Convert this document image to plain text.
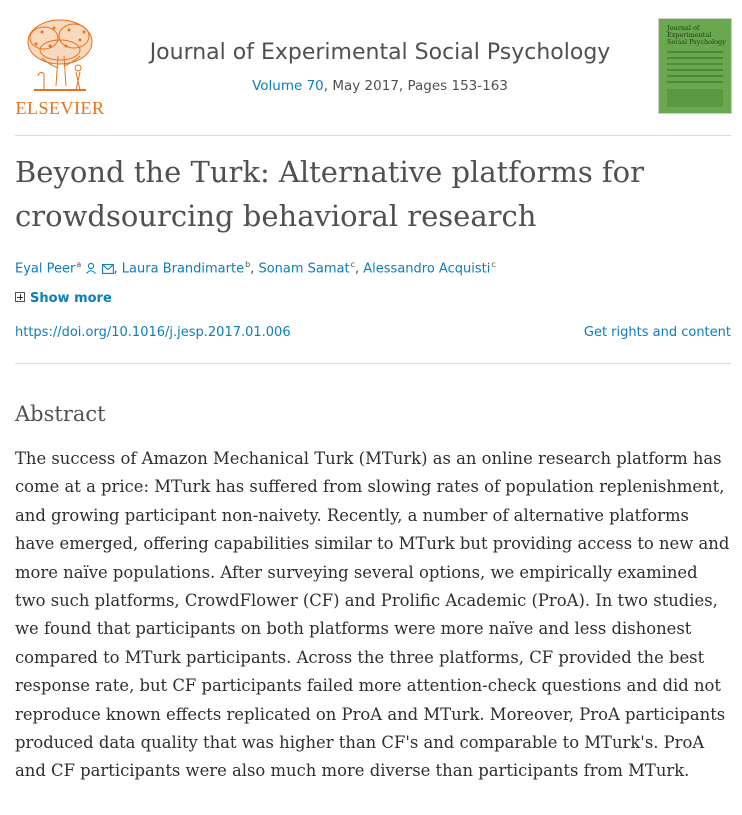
ELSEVIER
Journal of Experimental Social Psychology
Volume 70, May 2017, Pages 153-163
Journal of Experimental Social Psychology
Beyond the Turk: Alternative platforms for crowdsourcing behavioral research
Eyal Peer$^a$ , Laura Brandimarte$^b$, Sonam Samat$^c$, Alessandro Acquisti$^c$
Show more
https://doi.org/10.1016/j.jesp.2017.01.006	Get rights and content
Abstract

The success of Amazon Mechanical Turk (MTurk) as an online research platform has come at a price: MTurk has suffered from slowing rates of population replenishment, and growing participant non-naivety. Recently, a number of alternative platforms have emerged, offering capabilities similar to MTurk but providing access to new and more naïve populations. After surveying several options, we empirically examined two such platforms, CrowdFlower (CF) and Prolific Academic (ProA). In two studies, we found that participants on both platforms were more naïve and less dishonest compared to MTurk participants. Across the three platforms, CF provided the best response rate, but CF participants failed more attention-check questions and did not reproduce known effects replicated on ProA and MTurk. Moreover, ProA participants produced data quality that was higher than CF's and comparable to MTurk's. ProA and CF participants were also much more diverse than participants from MTurk.
